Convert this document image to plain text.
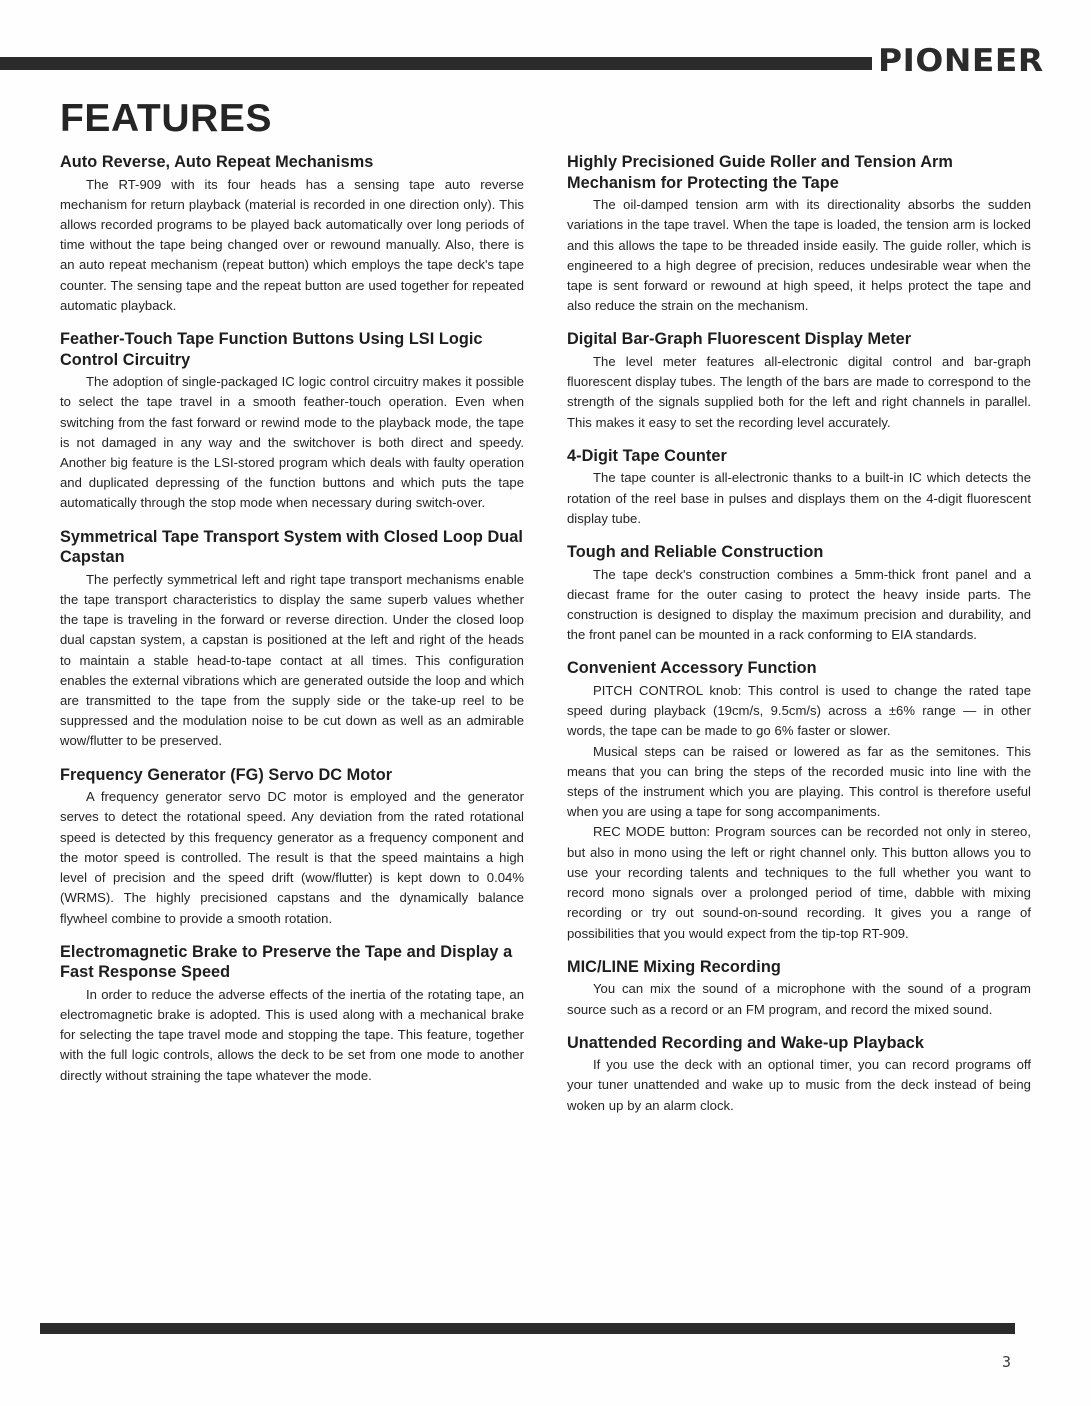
PIONEER
FEATURES
Auto Reverse, Auto Repeat Mechanisms

The RT-909 with its four heads has a sensing tape auto reverse mechanism for return playback (material is recorded in one direction only). This allows recorded programs to be played back automatically over long periods of time without the tape being changed over or rewound manually. Also, there is an auto repeat mechanism (repeat button) which employs the tape deck's tape counter. The sensing tape and the repeat button are used together for repeated automatic playback.

Feather-Touch Tape Function Buttons Using LSI Logic Control Circuitry

The adoption of single-packaged IC logic control circuitry makes it possible to select the tape travel in a smooth feather-touch operation. Even when switching from the fast forward or rewind mode to the playback mode, the tape is not damaged in any way and the switchover is both direct and speedy. Another big feature is the LSI-stored program which deals with faulty operation and duplicated depressing of the function buttons and which puts the tape automatically through the stop mode when necessary during switch-over.

Symmetrical Tape Transport System with Closed Loop Dual Capstan

The perfectly symmetrical left and right tape transport mechanisms enable the tape transport characteristics to display the same superb values whether the tape is traveling in the forward or reverse direction. Under the closed loop dual capstan system, a capstan is positioned at the left and right of the heads to maintain a stable head-to-tape contact at all times. This configuration enables the external vibrations which are generated outside the loop and which are transmitted to the tape from the supply side or the take-up reel to be suppressed and the modulation noise to be cut down as well as an admirable wow/flutter to be preserved.

Frequency Generator (FG) Servo DC Motor

A frequency generator servo DC motor is employed and the generator serves to detect the rotational speed. Any deviation from the rated rotational speed is detected by this frequency generator as a frequency component and the motor speed is controlled. The result is that the speed maintains a high level of precision and the speed drift (wow/flutter) is kept down to 0.04% (WRMS). The highly precisioned capstans and the dynamically balance flywheel combine to provide a smooth rotation.

Electromagnetic Brake to Preserve the Tape and Display a Fast Response Speed

In order to reduce the adverse effects of the inertia of the rotating tape, an electromagnetic brake is adopted. This is used along with a mechanical brake for selecting the tape travel mode and stopping the tape. This feature, together with the full logic controls, allows the deck to be set from one mode to another directly without straining the tape whatever the mode.

Highly Precisioned Guide Roller and Tension Arm Mechanism for Protecting the Tape

The oil-damped tension arm with its directionality absorbs the sudden variations in the tape travel. When the tape is loaded, the tension arm is locked and this allows the tape to be threaded inside easily. The guide roller, which is engineered to a high degree of precision, reduces undesirable wear when the tape is sent forward or rewound at high speed, it helps protect the tape and also reduce the strain on the mechanism.

Digital Bar-Graph Fluorescent Display Meter

The level meter features all-electronic digital control and bar-graph fluorescent display tubes. The length of the bars are made to correspond to the strength of the signals supplied both for the left and right channels in parallel. This makes it easy to set the recording level accurately.

4-Digit Tape Counter

The tape counter is all-electronic thanks to a built-in IC which detects the rotation of the reel base in pulses and displays them on the 4-digit fluorescent display tube.

Tough and Reliable Construction

The tape deck's construction combines a 5mm-thick front panel and a diecast frame for the outer casing to protect the heavy inside parts. The construction is designed to display the maximum precision and durability, and the front panel can be mounted in a rack conforming to EIA standards.

Convenient Accessory Function

PITCH CONTROL knob: This control is used to change the rated tape speed during playback (19cm/s, 9.5cm/s) across a ±6% range — in other words, the tape can be made to go 6% faster or slower.

Musical steps can be raised or lowered as far as the semitones. This means that you can bring the steps of the recorded music into line with the steps of the instrument which you are playing. This control is therefore useful when you are using a tape for song accompaniments.

REC MODE button: Program sources can be recorded not only in stereo, but also in mono using the left or right channel only. This button allows you to use your recording talents and techniques to the full whether you want to record mono signals over a prolonged period of time, dabble with mixing recording or try out sound-on-sound recording. It gives you a range of possibilities that you would expect from the tip-top RT-909.

MIC/LINE Mixing Recording

You can mix the sound of a microphone with the sound of a program source such as a record or an FM program, and record the mixed sound.

Unattended Recording and Wake-up Playback

If you use the deck with an optional timer, you can record programs off your tuner unattended and wake up to music from the deck instead of being woken up by an alarm clock.

3
